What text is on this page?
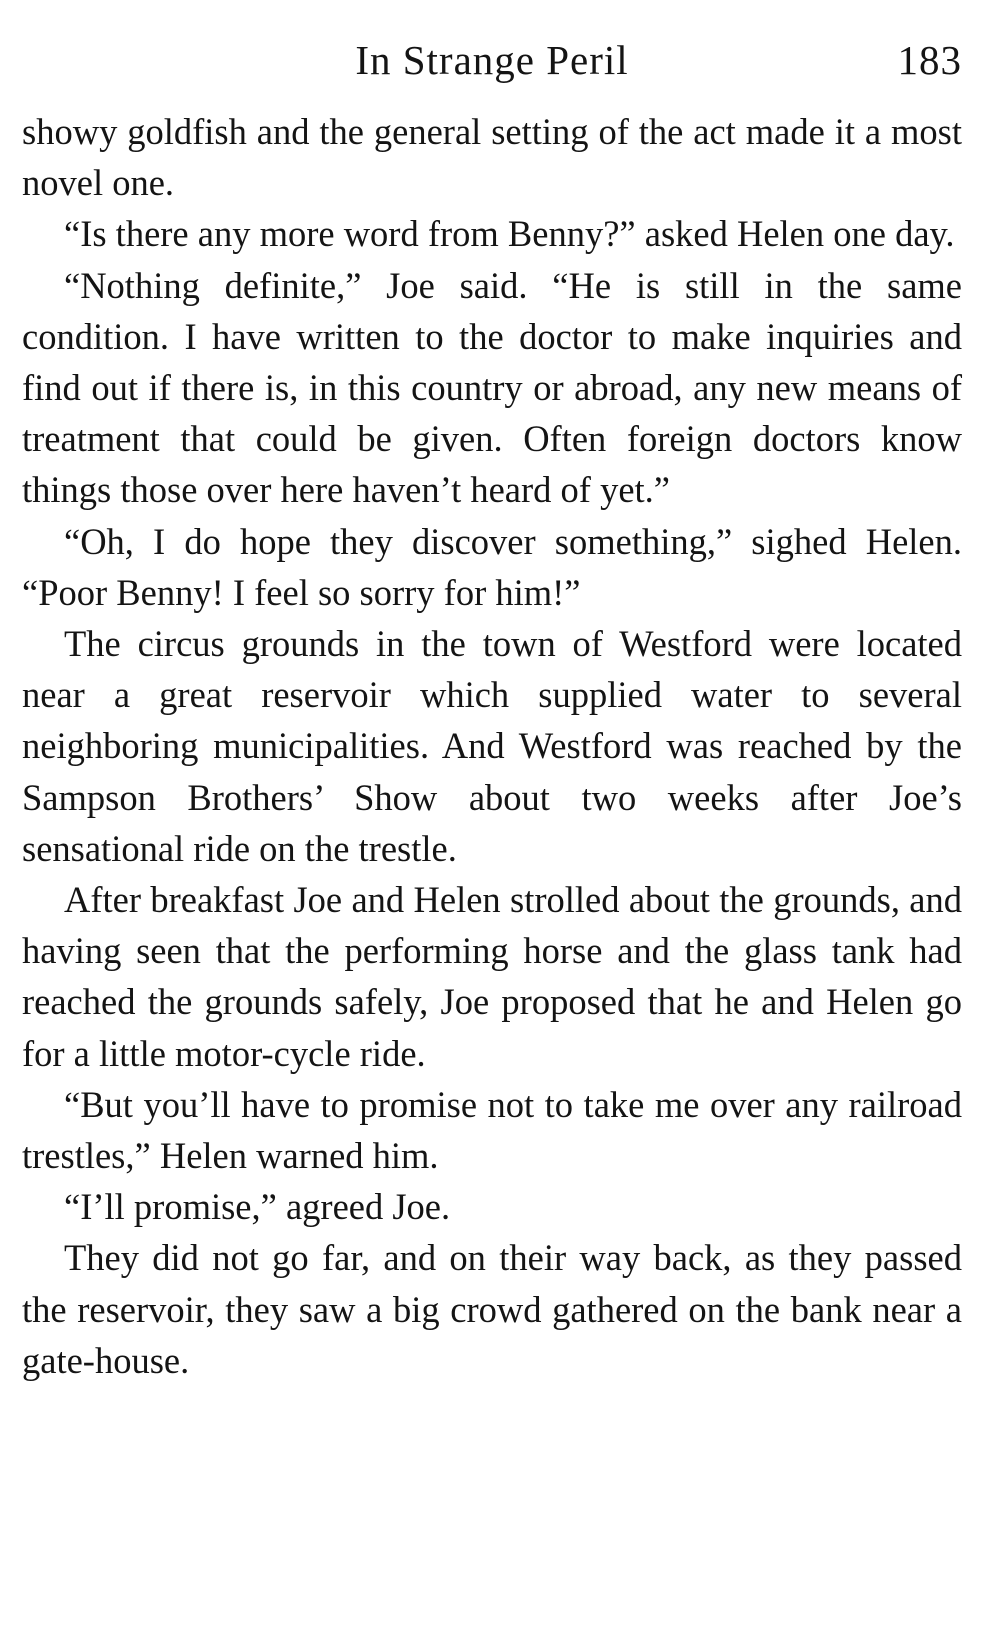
In Strange Peril	183

showy goldfish and the general setting of the act made it a most novel one.

“Is there any more word from Benny?” asked Helen one day.

“Nothing definite,” Joe said. “He is still in the same condition. I have written to the doctor to make inquiries and find out if there is, in this country or abroad, any new means of treatment that could be given. Often foreign doctors know things those over here haven’t heard of yet.”

“Oh, I do hope they discover something,” sighed Helen. “Poor Benny! I feel so sorry for him!”

The circus grounds in the town of Westford were located near a great reservoir which supplied water to several neighboring municipalities. And Westford was reached by the Sampson Brothers’ Show about two weeks after Joe’s sensational ride on the trestle.

After breakfast Joe and Helen strolled about the grounds, and having seen that the performing horse and the glass tank had reached the grounds safely, Joe proposed that he and Helen go for a little motor-cycle ride.

“But you’ll have to promise not to take me over any railroad trestles,” Helen warned him.

“I’ll promise,” agreed Joe.

They did not go far, and on their way back, as they passed the reservoir, they saw a big crowd gathered on the bank near a gate-house.
